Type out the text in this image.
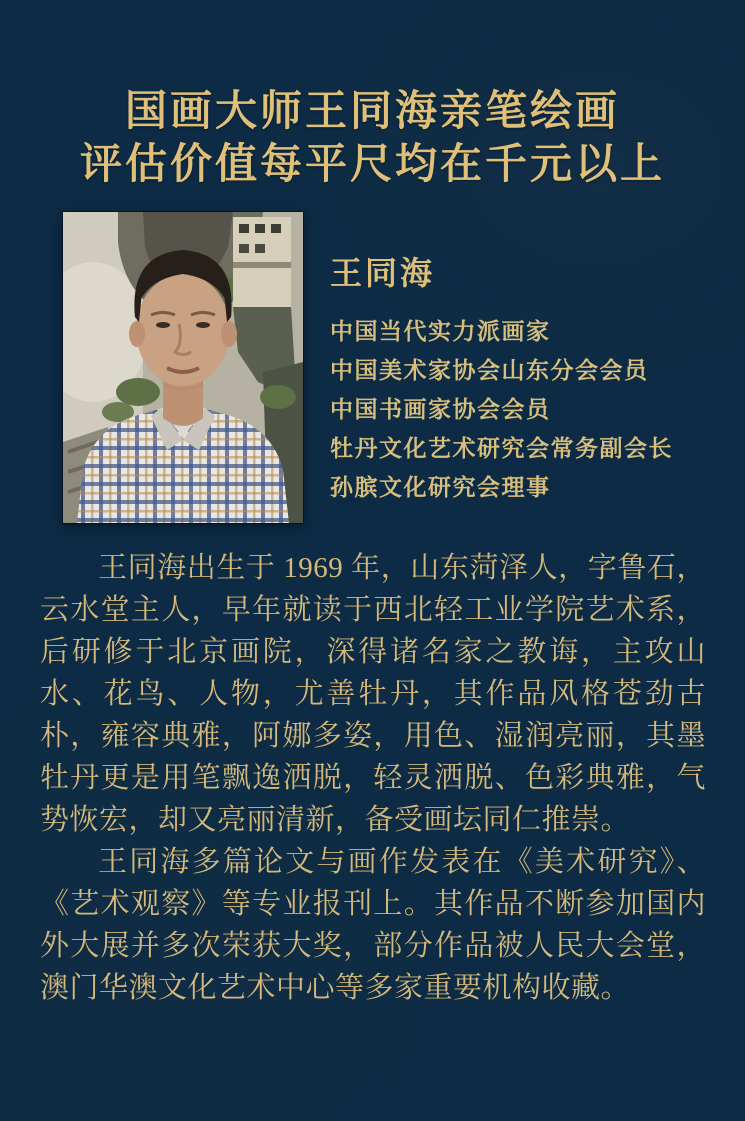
国画大师王同海亲笔绘画
评估价值每平尺均在千元以上
王同海
中国当代实力派画家
中国美术家协会山东分会会员
中国书画家协会会员
牡丹文化艺术研究会常务副会长
孙膑文化研究会理事

王同海出生于 1969 年，山东菏泽人，字鲁石，云水堂主人，早年就读于西北轻工业学院艺术系，后研修于北京画院，深得诸名家之教诲，主攻山水、花鸟、人物，尤善牡丹，其作品风格苍劲古朴，雍容典雅，阿娜多姿，用色、湿润亮丽，其墨牡丹更是用笔飘逸洒脱，轻灵洒脱、色彩典雅，气势恢宏，却又亮丽清新，备受画坛同仁推崇。

王同海多篇论文与画作发表在《美术研究》、《艺术观察》等专业报刊上。其作品不断参加国内外大展并多次荣获大奖，部分作品被人民大会堂，澳门华澳文化艺术中心等多家重要机构收藏。
